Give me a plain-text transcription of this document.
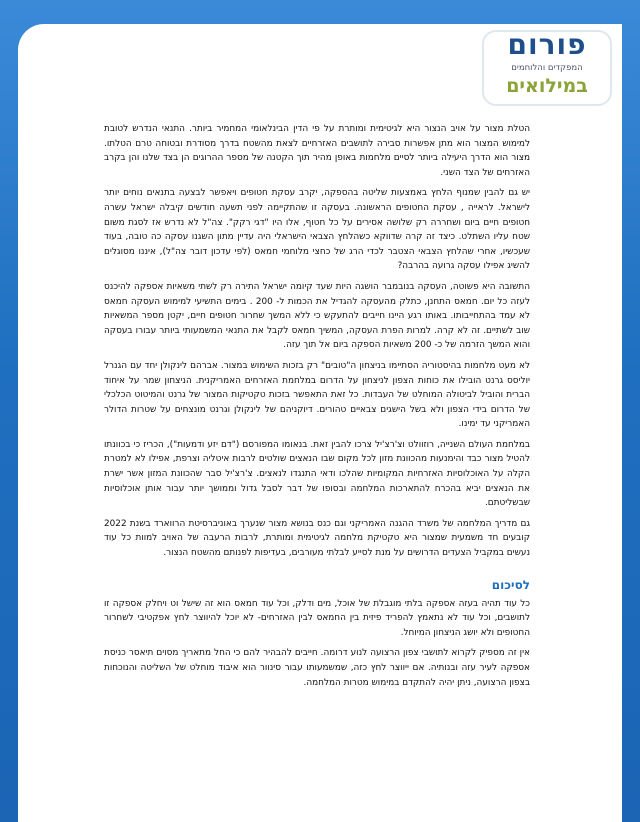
פורום
המפקדים והלוחמים
במילואים

הטלת מצור על אויב הנצור היא לגיטימית ומותרת על פי הדין הבינלאומי המחמיר ביותר. התנאי הנדרש לטובת למימוש המצור הוא מתן אפשרות סבירה לתושבים האזרחיים לצאת מהשטח בדרך מסודרת ובטוחה טרם הטלתו. מצור הוא הדרך היעילה ביותר לסיים מלחמות באופן מהיר תוך הקטנה של מספר ההרוגים הן בצד שלנו והן בקרב האזרחים של הצד השני.

יש גם להבין שמנוף הלחץ באמצעות שליטה בהספקה, יקרב עסקת חטופים ויאפשר לבצעה בתנאים נוחים יותר לישראל. לראייה , עסקת החטופים הראשונה. בעסקה זו שהתקיימה לפני תשעה חודשים קיבלה ישראל עשרה חטופים חיים ביום ושחררה רק שלושה אסירים על כל חטוף, אלו היו "דגי רקק". צה"ל לא נדרש אז לסגת משום שטח עליו השתלט. כיצד זה קרה שדווקא כשהלחץ הצבאי הישראלי היה עדיין מתון השגנו עסקה כה טובה, בעוד שעכשיו, אחרי שהלחץ הצבאי הצטבר לכדי הרג של כחצי מלוחמי חמאס (לפי עדכון דובר צה"ל), איננו מסוגלים להשיג אפילו עסקה גרועה בהרבה?

התשובה היא פשוטה, העסקה בנובמבר הושגה היות שעד קיומה ישראל התירה רק לשתי משאיות אספקה להיכנס לעזה כל יום. חמאס התחנן, כתלק מהעסקה להגדיל את הכמות ל- 200 . בימים התשיעי למימוש העסקה חמאס לא עמד בהתחייבותו. באותו רגע היינו חייבים להתעקש כי ללא המשך שחרור חטופים חיים, יקטן מספר המשאיות שוב לשתיים. זה לא קרה. למרות הפרת העסקה, המשיך חמאס לקבל את התנאי המשמעותי ביותר עבורו בעסקה והוא המשך הזרמה של כ- 200 משאיות הספקה ביום אל תוך עזה.

לא מעט מלחמות בהיסטוריה הסתיימו בניצחון ה"טובים" רק בזכות השימוש במצור. אברהם לינקולן יחד עם הגנרל יוליסס גרנט הובילו את כוחות הצפון לניצחון על הדרום במלחמת האזרחים האמריקנית. הניצחון שמר על איחוד הברית והוביל לביטולה המוחלט של העבדות. כל זאת התאפשר בזכות טקטיקות המצור של גרנט והמיטוט הכלכלי של הדרום בידי הצפון ולא בשל הישגים צבאיים טהורים. דיוקניהם של לינקולן וגרנט מונצחים על שטרות הדולר האמריקני עד ימינו.

במלחמת העולם השנייה, רוזוולט וצ'רצ'יל צרכו להבין זאת. בנאומו המפורסם ("דם יזע ודמעות"), הכריז כי בכוונתו להטיל מצור כבד והימנעות מהכוונת מזון לכל מקום שבו הנאצים שולטים לרבות איטליה וצרפת, אפילו לא למטרת הקלה על האוכלוסיות האזרחיות המקומיות שהלכו ודאי התנגדו לנאצים. צ'רצ'יל סבר שהכוונת המזון אשר ישרת את הנאצים יביא בהכרח להתארכות המלחמה ובסופו של דבר לסבל גדול וממושך יותר עבור אותן אוכלוסיות שבשליטתם.

גם מדריך המלחמה של משרד ההגנה האמריקני וגם כנס בנושא מצור שנערך באוניברסיטת הרווארד בשנת 2022 קובעים חד משמעית שמצור היא טקטיקת מלחמה לגיטימית ומותרת, לרבות הרעבה של האויב למוות כל עוד נעשים במקביל הצעדים הדרושים על מנת לסייע לבלתי מעורבים, בעדיפות לפנותם מהשטח הנצור.

לסיכום

כל עוד תהיה בעזה אספקה בלתי מוגבלת של אוכל, מים ודלק, וכל עוד חמאס הוא זה שישל וט ויחלק אספקה זו לתושבים, וכל עוד לא נתאמץ להפריד פיזית בין החמאס לבין האזרחים- לא יוכל להיווצר לחץ אפקטיבי לשחרור החטופים ולא יושג הניצחון המיוחל.

אין זה מספיק לקרוא לתושבי צפון הרצועה לנוע דרומה. חייבים להבהיר להם כי החל מתאריך מסוים תיאסר כניסת אספקה לעיר עזה ובנותיה. אם ייווצר לחץ כזה, שמשמעותו עבור סינוור הוא איבוד מוחלט של השליטה והנוכחות בצפון הרצועה, ניתן יהיה להתקדם במימוש מטרות המלחמה.
